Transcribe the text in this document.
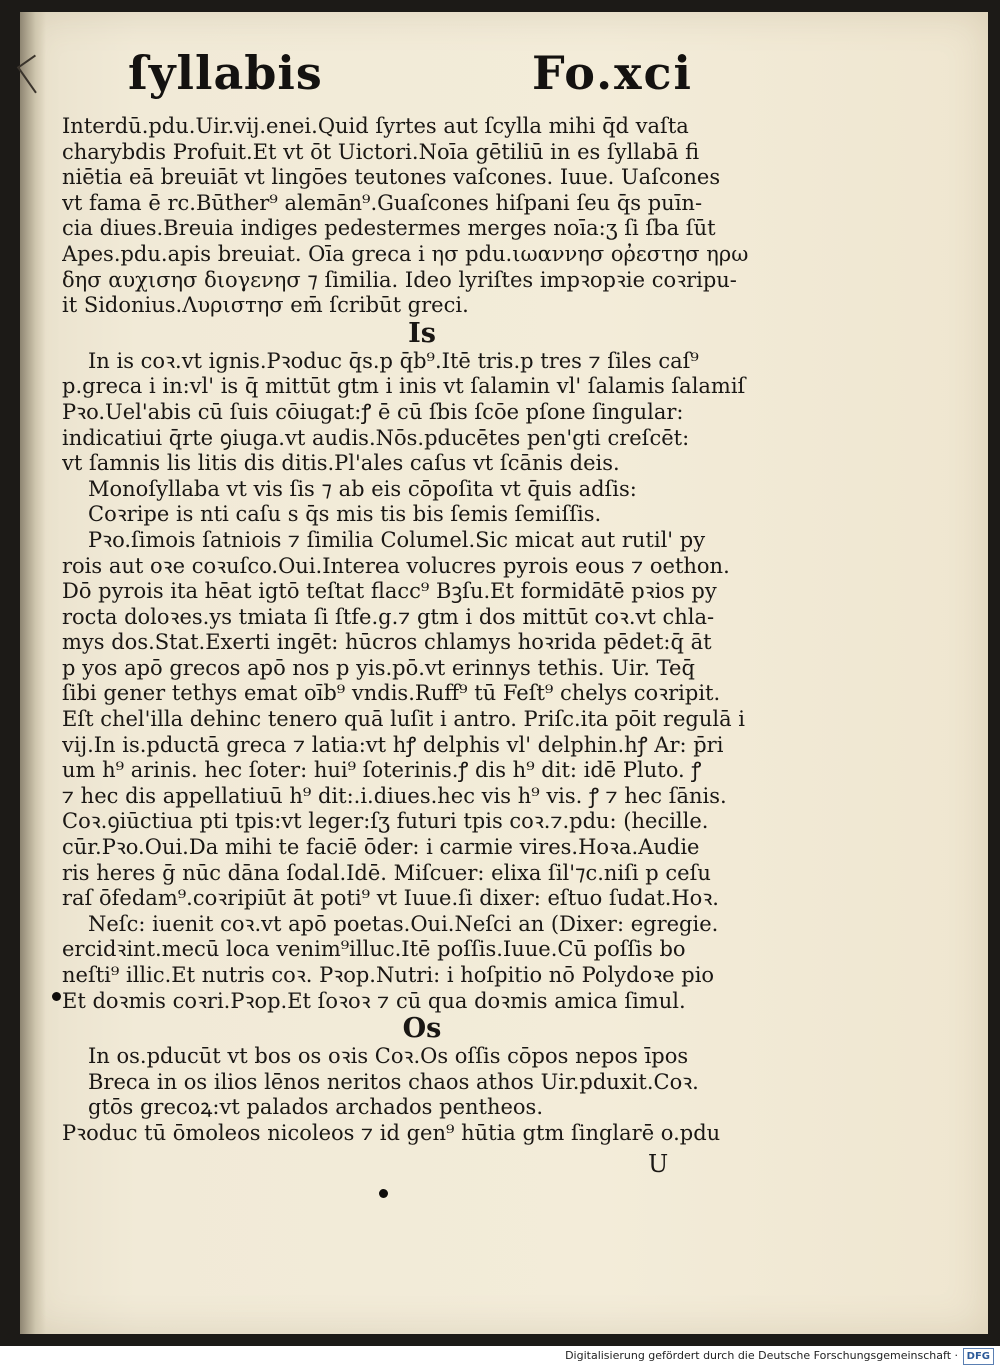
ſyllabis	Fo.xci
Interdū.pdu.Uir.vij.enei.Quid ſyrtes aut ſcylla mihi q̄d vaſta
charybdis Profuit.Et vt ōt Uictori.Noīa gētiliū in es ſyllabā fi
niētia eā breuiāt vt lingōes teutones vaſcones. Iuue. Uaſcones
vt fama ē rc.Būther⁹ alemān⁹.Guaſcones hiſpani ſeu q̄s puīn-
cia diues.Breuia indiges pedestermes merges noīa:ʒ ſi ſba ſūt
Apes.pdu.apis breuiat. Oīa greca i ησ pdu.ιωαννησ οῤεστησ ηρω
δησ αυχισησ διογενησ ⁊ ſimilia. Ideo lyriſtes impꝛopꝛie coꝛripu-
it Sidonius.Λυρισтησ em̄ ſcribūt greci.
Is
In is coꝛ.vt ignis.Pꝛoduc q̄s.p q̄b⁹.Itē tris.p tres ⁊ ſiles caſ⁹
p.greca i in:vl' is q̄ mittūt gt̄m i inis vt ſalamin vl' ſalamis ſalamiſ
Pꝛo.Uel'abis cū ſuis cōiugat:ꝭ ē cū ſbis ſcōe pſone ſingular:
indicatiui q̄rte ꝯiuga.vt audis.Nōs.pducētes pen'gti creſcēt:
vt ſamnis lis litis dis ditis.Pl'ales caſus vt ſcānis deis.
Monoſyllaba vt vis ſis ⁊ ab eis cōpoſita vt q̄uis adſis:
Coꝛripe is nti caſu s q̄s mis tis bis ſemis ſemiſſis.
Pꝛo.ſimois ſatniois ⁊ ſimilia Columel.Sic micat aut rutil' py
rois aut oꝛe coꝛuſco.Oui.Interea volucres pyrois eous ⁊ oethon.
Dō pyrois ita hēat igtō teſtat flacc⁹ Bꝫſu.Et formidātē pꝛios py
rocta doloꝛes.ys t̄miata ſi ſt̄fe.g.⁊ gt̄m i dos mittūt coꝛ.vt chla-
mys dos.Stat.Exerti ingēt: hūcros chlamys hoꝛrida pēdet:q̄ āt
p yos apō grecos apō nos p yis.pō.vt erinnys tethis. Uir. Teq̄
ſibi gener tethys emat oīb⁹ vndis.Ruff⁹ tū Feſt⁹ chelys coꝛripit.
Eſt chel'illa dehinc tenero quā luſit i antro. Priſc.ita pōit regulā i
vij.In is.pductā greca ⁊ latia:vt hꝭ delphis vl' delphin.hꝭ Ar: p̄ri
um h⁹ arinis. hec ſoter: hui⁹ ſoterinis.ꝭ dis h⁹ dit: idē Pluto. ꝭ
⁊ hec dis appellatiuū h⁹ dit:.i.diues.hec vis h⁹ vis. ꝭ ⁊ hec ſānis.
Coꝛ.ꝯiūctiua pti tpis:vt leger:ſʒ futuri tpis coꝛ.⁊.pdu: (hecille.
cūr.Pꝛo.Oui.Da mihi te faciē ōder: i carmie vires.Hoꝛa.Audie
ris heres ḡ nūc dāna ſodal.Idē. Miſcuer: elixa ſil'⁊c.niſi p ceſu
raſ ōfedam⁹.coꝛripiūt āt poti⁹ vt Iuue.ſi dixer: eſtuo ſudat.Hoꝛ.
Neſc: iuenit coꝛ.vt apō poetas.Oui.Neſci an (Dixer: egregie.
ercidꝛint.mecū loca venim⁹illuc.Itē poſſis.Iuue.Cū poſſis bo
neſti⁹ illic.Et nutris coꝛ. Pꝛop.Nutri: i hoſpitio nō Polydoꝛe pio
Et doꝛmis coꝛri.Pꝛop.Et ſoꝛoꝛ ⁊ cū qua doꝛmis amica ſimul.
Os
In os.pducūt vt bos os oꝛis Coꝛ.Os oſſis cōpos nepos īpos
Breca in os ilios lēnos neritos chaos athos Uir.pduxit.Coꝛ.
gtōs grecoꝝ:vt palados archados pentheos.
Pꝛoduc tū ōmoleos nicoleos ⁊ id gen⁹ hūtia gt̄m ſinglarē o.pdu
U
Digitalisierung gefördert durch die Deutsche Forschungsgemeinschaft · DFG
